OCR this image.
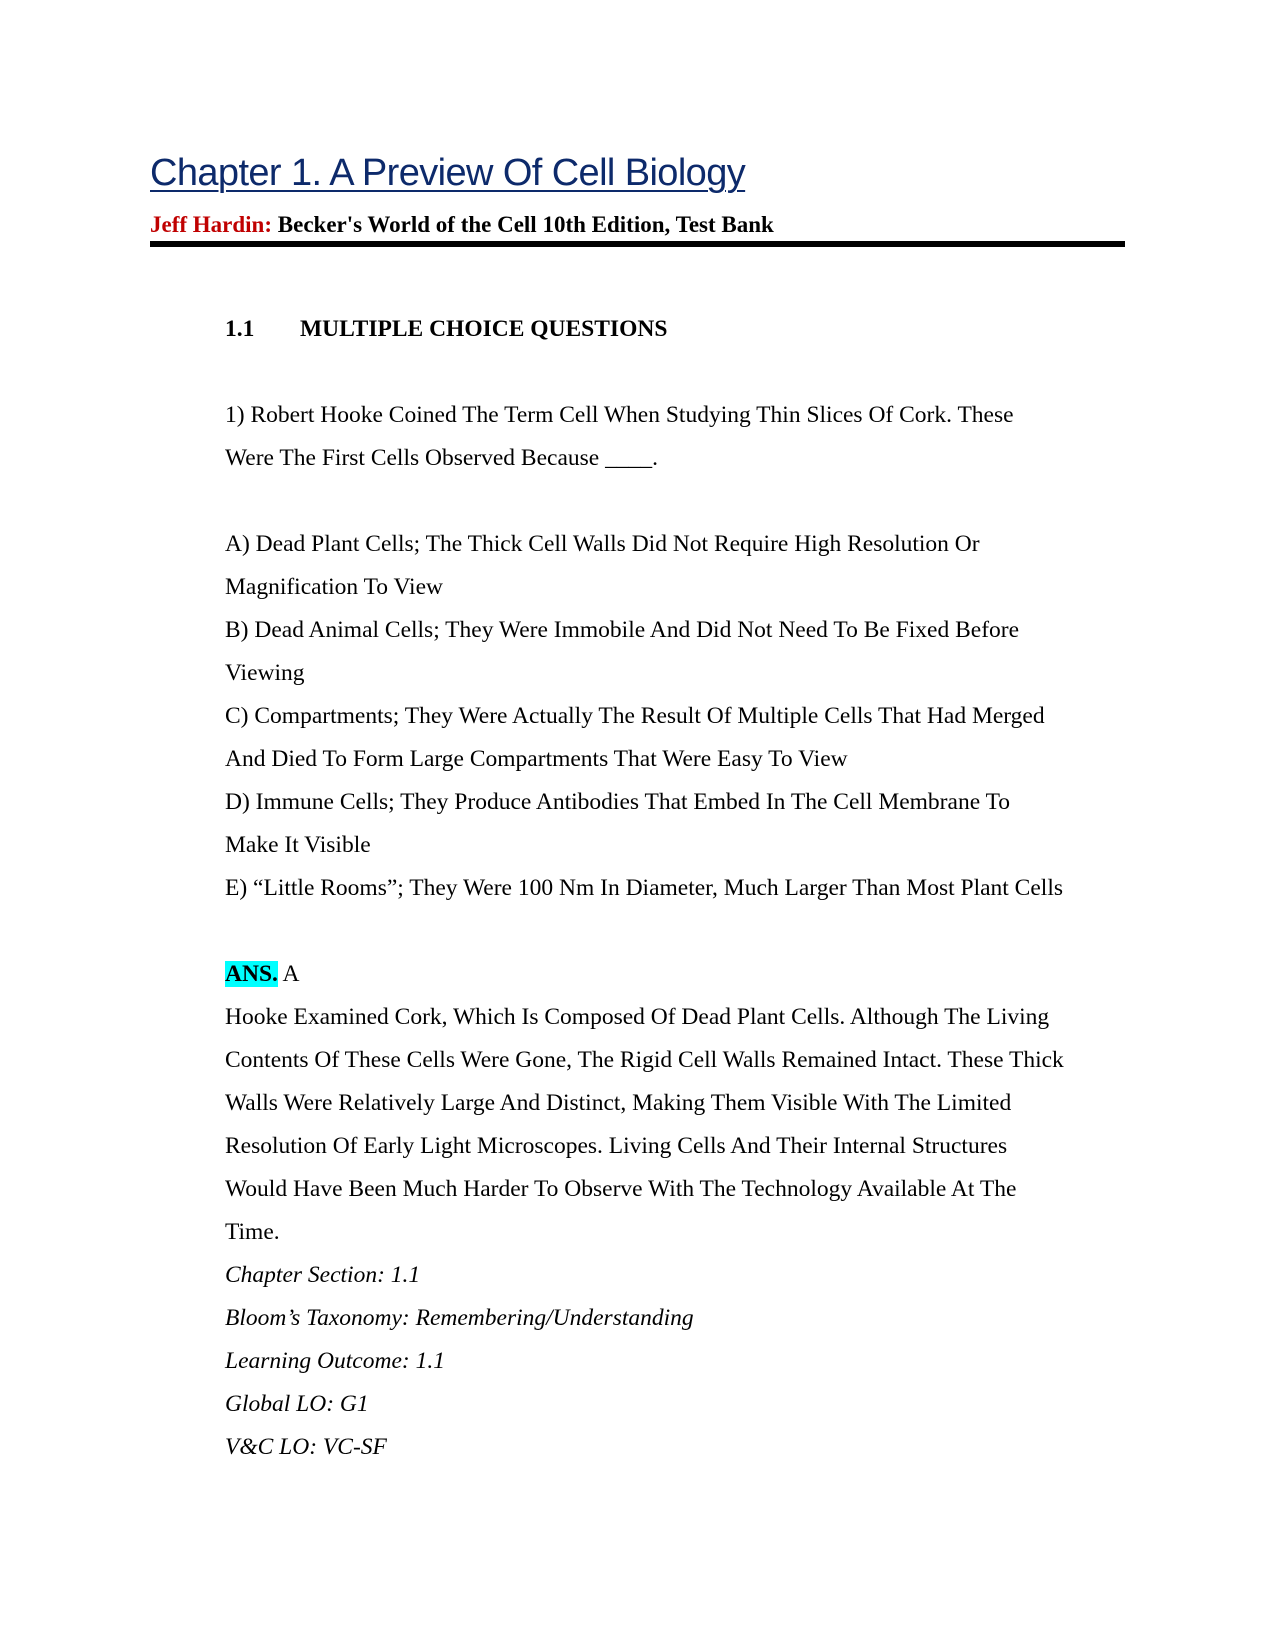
Chapter 1. A Preview Of Cell Biology
Jeff Hardin: Becker's World of the Cell 10th Edition, Test Bank
1.1 MULTIPLE CHOICE QUESTIONS
1) Robert Hooke Coined The Term Cell When Studying Thin Slices Of Cork. These
Were The First Cells Observed Because ____.
A) Dead Plant Cells; The Thick Cell Walls Did Not Require High Resolution Or
Magnification To View
B) Dead Animal Cells; They Were Immobile And Did Not Need To Be Fixed Before
Viewing
C) Compartments; They Were Actually The Result Of Multiple Cells That Had Merged
And Died To Form Large Compartments That Were Easy To View
D) Immune Cells; They Produce Antibodies That Embed In The Cell Membrane To
Make It Visible
E) “Little Rooms”; They Were 100 Nm In Diameter, Much Larger Than Most Plant Cells
ANS. A
Hooke Examined Cork, Which Is Composed Of Dead Plant Cells. Although The Living
Contents Of These Cells Were Gone, The Rigid Cell Walls Remained Intact. These Thick
Walls Were Relatively Large And Distinct, Making Them Visible With The Limited
Resolution Of Early Light Microscopes. Living Cells And Their Internal Structures
Would Have Been Much Harder To Observe With The Technology Available At The
Time.
Chapter Section: 1.1
Bloom’s Taxonomy: Remembering/Understanding
Learning Outcome: 1.1
Global LO: G1
V&C LO: VC-SF
